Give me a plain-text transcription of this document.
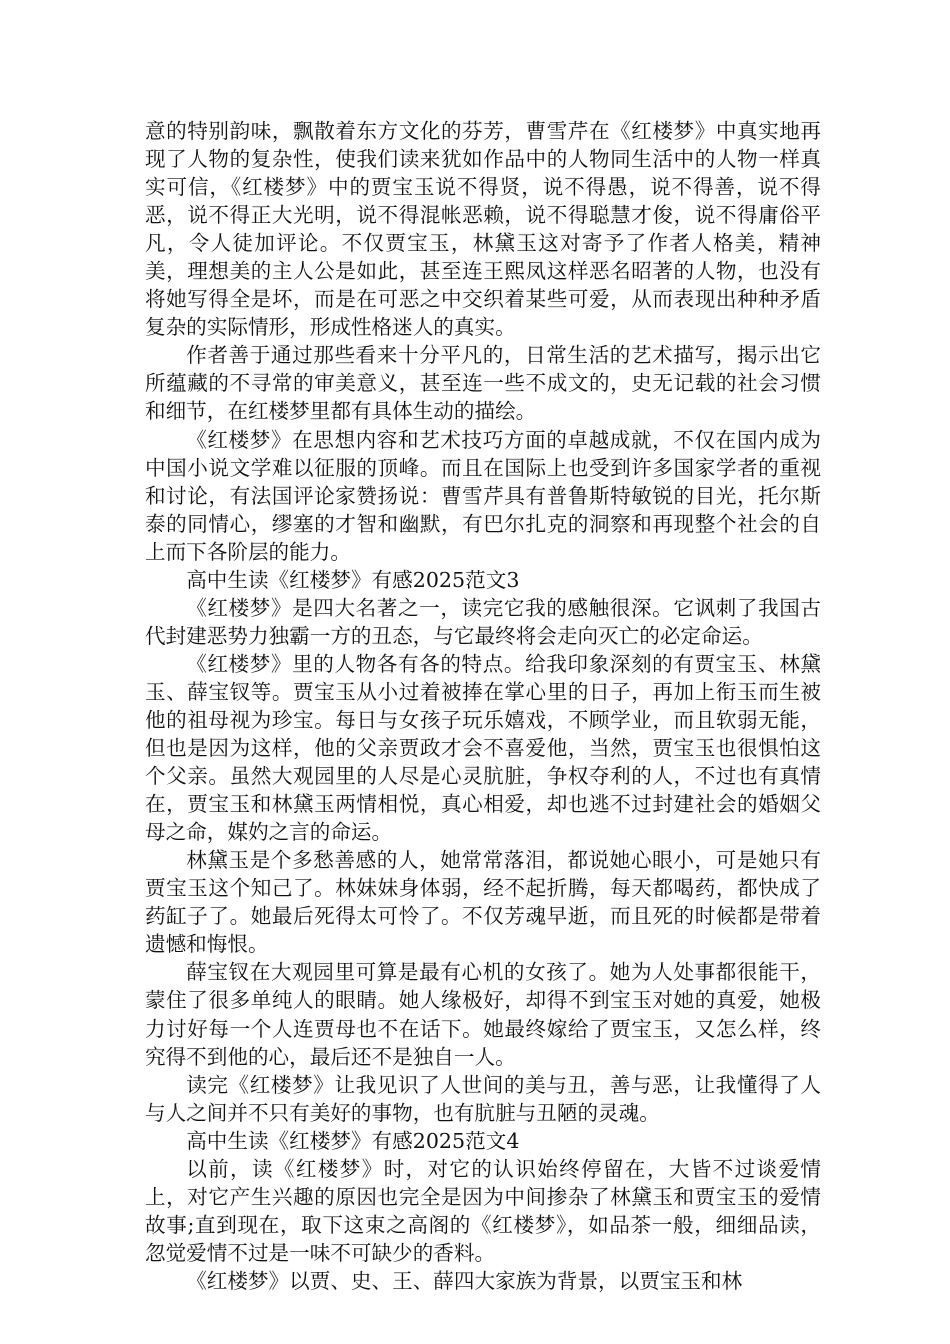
意的特别韵味，飘散着东方文化的芬芳，曹雪芹在《红楼梦》中真实地再现了人物的复杂性，使我们读来犹如作品中的人物同生活中的人物一样真实可信，《红楼梦》中的贾宝玉说不得贤，说不得愚，说不得善，说不得恶，说不得正大光明，说不得混帐恶赖，说不得聪慧才俊，说不得庸俗平凡，令人徒加评论。不仅贾宝玉，林黛玉这对寄予了作者人格美，精神美，理想美的主人公是如此，甚至连王熙凤这样恶名昭著的人物，也没有将她写得全是坏，而是在可恶之中交织着某些可爱，从而表现出种种矛盾复杂的实际情形，形成性格迷人的真实。

作者善于通过那些看来十分平凡的，日常生活的艺术描写，揭示出它所蕴藏的不寻常的审美意义，甚至连一些不成文的，史无记载的社会习惯和细节，在红楼梦里都有具体生动的描绘。

《红楼梦》在思想内容和艺术技巧方面的卓越成就，不仅在国内成为中国小说文学难以征服的顶峰。而且在国际上也受到许多国家学者的重视和讨论，有法国评论家赞扬说：曹雪芹具有普鲁斯特敏锐的目光，托尔斯泰的同情心，缪塞的才智和幽默，有巴尔扎克的洞察和再现整个社会的自上而下各阶层的能力。

高中生读《红楼梦》有感2025范文3

《红楼梦》是四大名著之一，读完它我的感触很深。它讽刺了我国古代封建恶势力独霸一方的丑态，与它最终将会走向灭亡的必定命运。

《红楼梦》里的人物各有各的特点。给我印象深刻的有贾宝玉、林黛玉、薛宝钗等。贾宝玉从小过着被捧在掌心里的日子，再加上衔玉而生被他的祖母视为珍宝。每日与女孩子玩乐嬉戏，不顾学业，而且软弱无能，但也是因为这样，他的父亲贾政才会不喜爱他，当然，贾宝玉也很惧怕这个父亲。虽然大观园里的人尽是心灵肮脏，争权夺利的人，不过也有真情在，贾宝玉和林黛玉两情相悦，真心相爱，却也逃不过封建社会的婚姻父母之命，媒妁之言的命运。

林黛玉是个多愁善感的人，她常常落泪，都说她心眼小，可是她只有贾宝玉这个知己了。林妹妹身体弱，经不起折腾，每天都喝药，都快成了药缸子了。她最后死得太可怜了。不仅芳魂早逝，而且死的时候都是带着遗憾和悔恨。

薛宝钗在大观园里可算是最有心机的女孩了。她为人处事都很能干，蒙住了很多单纯人的眼睛。她人缘极好，却得不到宝玉对她的真爱，她极力讨好每一个人连贾母也不在话下。她最终嫁给了贾宝玉，又怎么样，终究得不到他的心，最后还不是独自一人。

读完《红楼梦》让我见识了人世间的美与丑，善与恶，让我懂得了人与人之间并不只有美好的事物，也有肮脏与丑陋的灵魂。

高中生读《红楼梦》有感2025范文4

以前，读《红楼梦》时，对它的认识始终停留在，大皆不过谈爱情上，对它产生兴趣的原因也完全是因为中间掺杂了林黛玉和贾宝玉的爱情故事;直到现在，取下这束之高阁的《红楼梦》，如品茶一般，细细品读，忽觉爱情不过是一味不可缺少的香料。

《红楼梦》以贾、史、王、薛四大家族为背景，以贾宝玉和林
